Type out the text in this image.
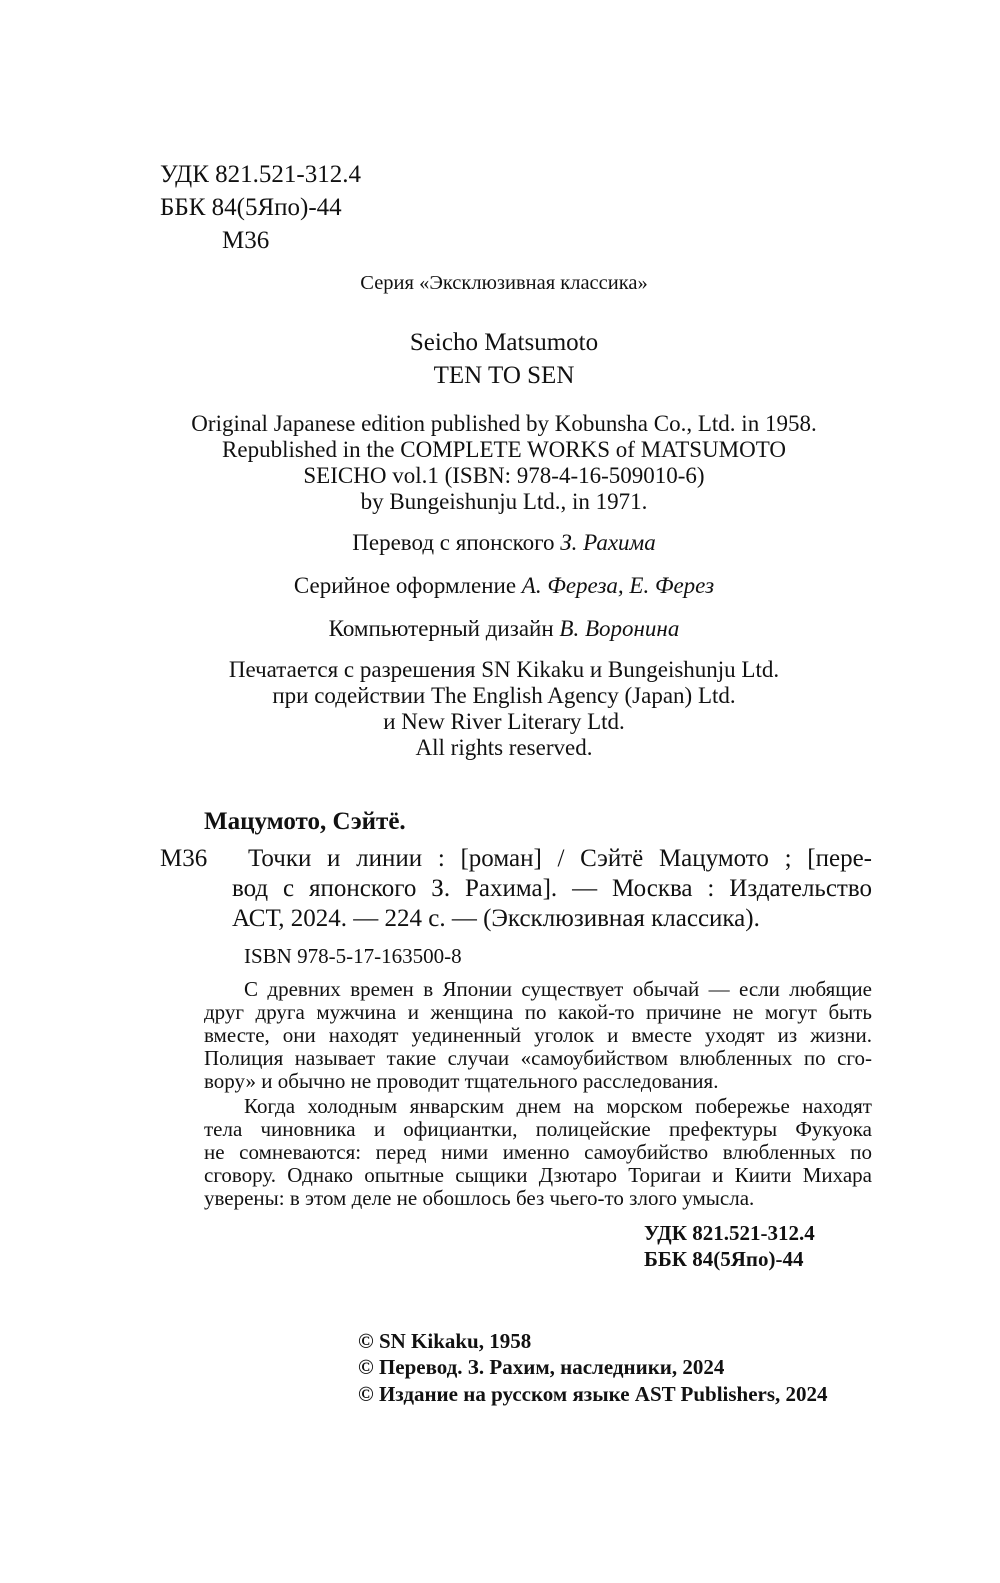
УДК 821.521-312.4
ББК 84(5Япо)-44
М36
Серия «Эксклюзивная классика»
Seicho Matsumoto
TEN TO SEN
Original Japanese edition published by Kobunsha Co., Ltd. in 1958.
Republished in the COMPLETE WORKS of MATSUMOTO
SEICHO vol.1 (ISBN: 978-4-16-509010-6)
by Bungeishunju Ltd., in 1971.
Перевод с японского З. Рахима
Серийное оформление А. Фереза, Е. Ферез
Компьютерный дизайн В. Воронина
Печатается с разрешения SN Kikaku и Bungeishunju Ltd.
при содействии The English Agency (Japan) Ltd.
и New River Literary Ltd.
All rights reserved.
Мацумото, Сэйтё.
М36 Точки и линии : [роман] / Сэйтё Мацумото ; [пере-
вод с японского З. Рахима]. — Москва : Издательство
АСТ, 2024. — 224 с. — (Эксклюзивная классика).
ISBN 978-5-17-163500-8
С древних времен в Японии существует обычай — если любящие
друг друга мужчина и женщина по какой-то причине не могут быть
вместе, они находят уединенный уголок и вместе уходят из жизни.
Полиция называет такие случаи «самоубийством влюбленных по сго-
вору» и обычно не проводит тщательного расследования.
Когда холодным январским днем на морском побережье находят
тела чиновника и официантки, полицейские префектуры Фукуока
не сомневаются: перед ними именно самоубийство влюбленных по
сговору. Однако опытные сыщики Дзютаро Торигаи и Киити Михара
уверены: в этом деле не обошлось без чьего-то злого умысла.
УДК 821.521-312.4
ББК 84(5Япо)-44
© SN Kikaku, 1958
© Перевод. З. Рахим, наследники, 2024
© Издание на русском языке AST Publishers, 2024
